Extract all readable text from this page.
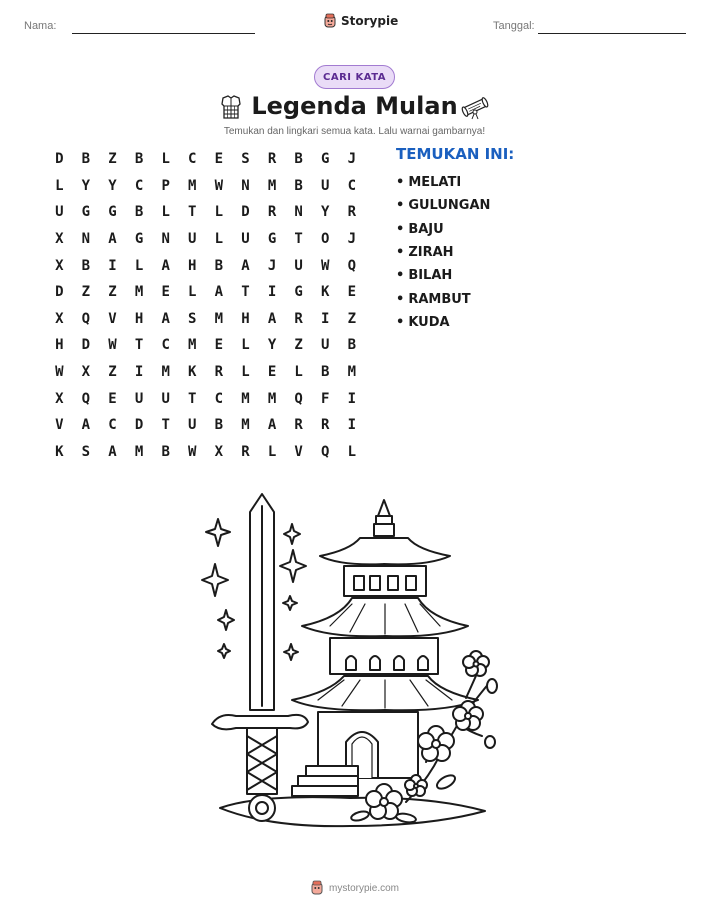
Nama:	Storypie	Tanggal:
CARI KATA
Legenda Mulan
Temukan dan lingkari semua kata. Lalu warnai gambarnya!
D	B	Z	B	L	C	E	S	R	B	G	J
L	Y	Y	C	P	M	W	N	M	B	U	C
U	G	G	B	L	T	L	D	R	N	Y	R
X	N	A	G	N	U	L	U	G	T	O	J
X	B	I	L	A	H	B	A	J	U	W	Q
D	Z	Z	M	E	L	A	T	I	G	K	E
X	Q	V	H	A	S	M	H	A	R	I	Z
H	D	W	T	C	M	E	L	Y	Z	U	B
W	X	Z	I	M	K	R	L	E	L	B	M
X	Q	E	U	U	T	C	M	M	Q	F	I
V	A	C	D	T	U	B	M	A	R	R	I
K	S	A	M	B	W	X	R	L	V	Q	L
TEMUKAN INI:
• MELATI
• GULUNGAN
• BAJU
• ZIRAH
• BILAH
• RAMBUT
• KUDA
mystorypie.com
